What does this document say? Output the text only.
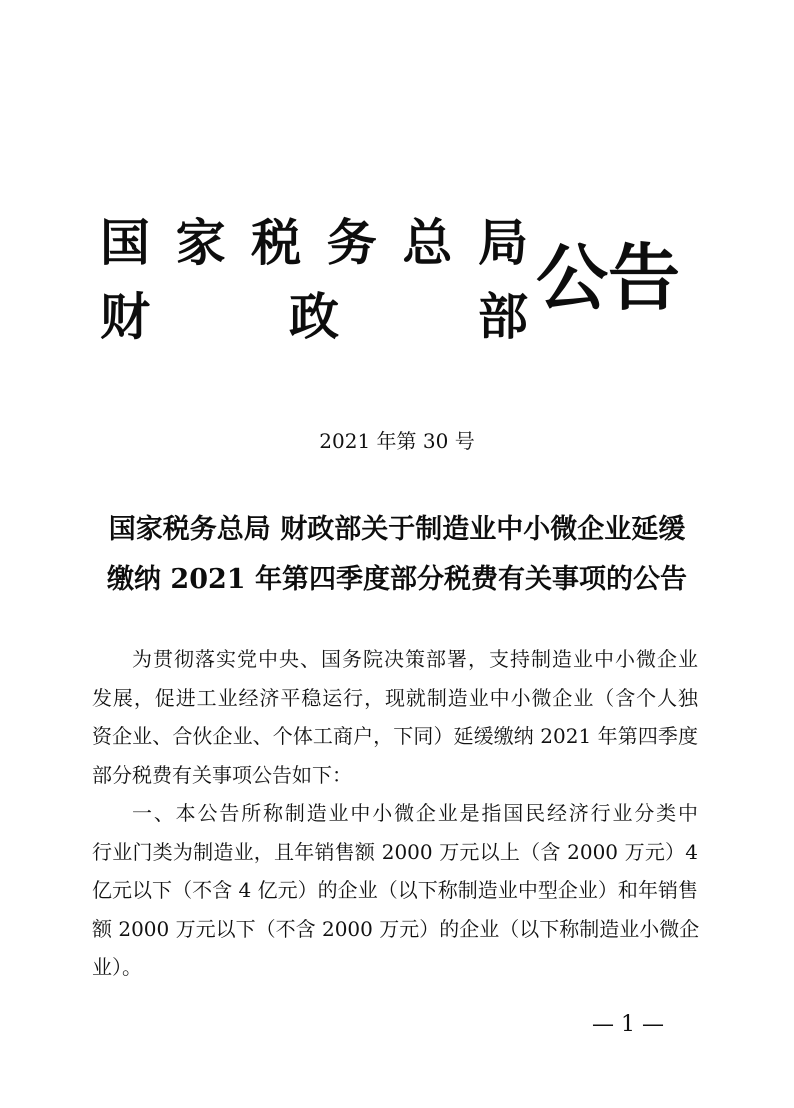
国 家 税 务 总 局
财	政	部 公告
2021 年第 30 号
国家税务总局 财政部关于制造业中小微企业延缓
缴纳 2021 年第四季度部分税费有关事项的公告
为贯彻落实党中央、国务院决策部署，支持制造业中小微企业
发展，促进工业经济平稳运行，现就制造业中小微企业（含个人独
资企业、合伙企业、个体工商户，下同）延缓缴纳 2021 年第四季度
部分税费有关事项公告如下：
一、本公告所称制造业中小微企业是指国民经济行业分类中
行业门类为制造业，且年销售额 2000 万元以上（含 2000 万元）4
亿元以下（不含 4 亿元）的企业（以下称制造业中型企业）和年销售
额 2000 万元以下（不含 2000 万元）的企业（以下称制造业小微企
业）。
— 1 —
